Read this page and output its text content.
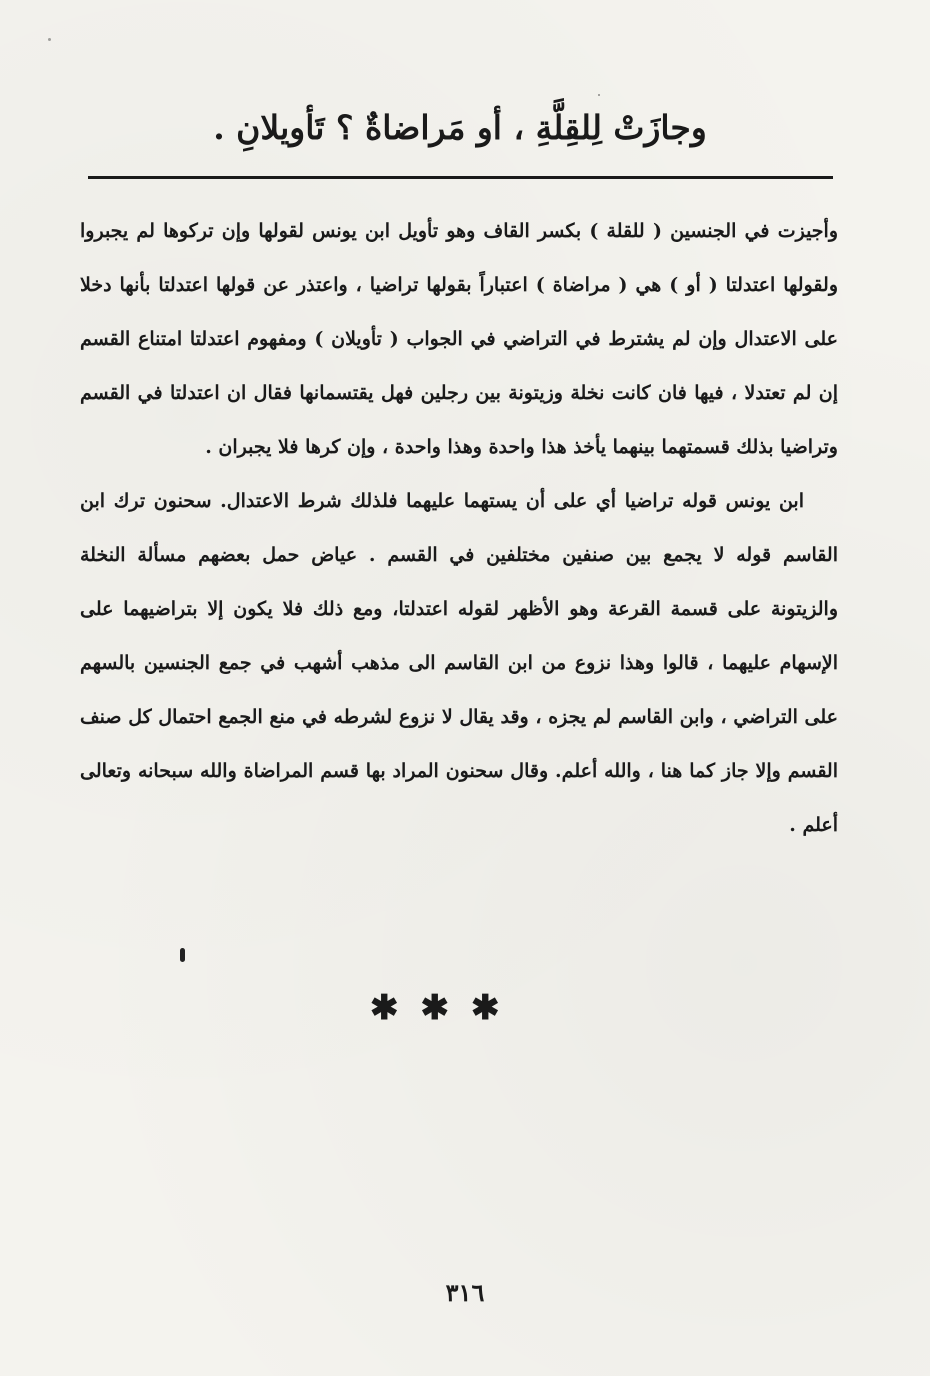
وجازَتْ لِلقِلَّةِ ، أو مَراضاةٌ ؟ تَأويلانِ .

وأجيزت في الجنسين ( للقلة ) بكسر القاف وهو تأويل ابن يونس لقولها وإن تركوها لم يجبروا ولقولها اعتدلتا ( أو ) هي ( مراضاة ) اعتباراً بقولها تراضيا ، واعتذر عن قولها اعتدلتا بأنها دخلا على الاعتدال وإن لم يشترط في التراضي في الجواب ( تأويلان ) ومفهوم اعتدلتا امتناع القسم إن لم تعتدلا ، فيها فان كانت نخلة وزيتونة بين رجلين فهل يقتسمانها فقال ان اعتدلتا في القسم وتراضيا بذلك قسمتهما بينهما يأخذ هذا واحدة وهذا واحدة ، وإن كرها فلا يجبران .

ابن يونس قوله تراضيا أي على أن يستهما عليهما فلذلك شرط الاعتدال. سحنون ترك ابن القاسم قوله لا يجمع بين صنفين مختلفين في القسم . عياض حمل بعضهم مسألة النخلة والزيتونة على قسمة القرعة وهو الأظهر لقوله اعتدلتا، ومع ذلك فلا يكون إلا بتراضيهما على الإسهام عليهما ، قالوا وهذا نزوع من ابن القاسم الى مذهب أشهب في جمع الجنسين بالسهم على التراضي ، وابن القاسم لم يجزه ، وقد يقال لا نزوع لشرطه في منع الجمع احتمال كل صنف القسم وإلا جاز كما هنا ، والله أعلم. وقال سحنون المراد بها قسم المراضاة والله سبحانه وتعالى أعلم .

✱✱✱
٣١٦
